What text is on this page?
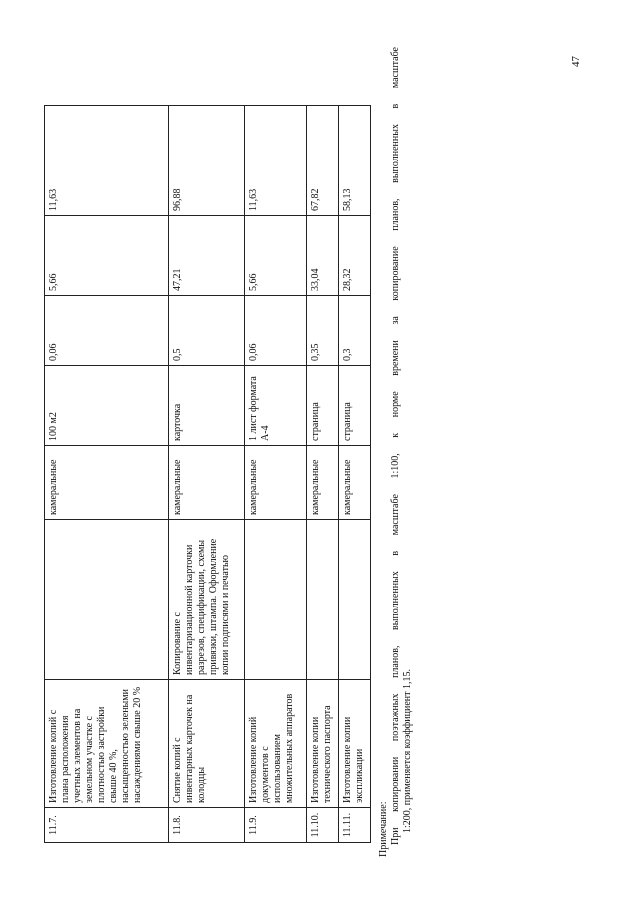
11.7.	Изготовление копий с плана расположения учетных элементов на земельном участке с плотностью застройки свыше 40 %, насыщенностью зелеными насаждениями свыше 20 %		камеральные	100 м2	0,06	5,66	11,63
11.8.	Снятие копий с инвентарных карточек на колодцы	Копирование с инвентаризационной карточки разрезов, спецификации, схемы привязки, штампа. Оформление копии подписями и печатью	камеральные	карточка	0,5	47,21	96,88
11.9.	Изготовление копий документов с использованием множительных аппаратов		камеральные	1 лист формата А-4	0,06	5,66	11,63
11.10.	Изготовление копии технического паспорта		камеральные	страница	0,35	33,04	67,82
11.11.	Изготовление копии экспликации		камеральные	страница	0,3	28,32	58,13
Примечание: При копировании поэтажных планов, выполненных в масштабе 1:100, к норме времени за копирование планов, выполненных в масштабе 1:200, применяется коэффициент 1,15.
47
